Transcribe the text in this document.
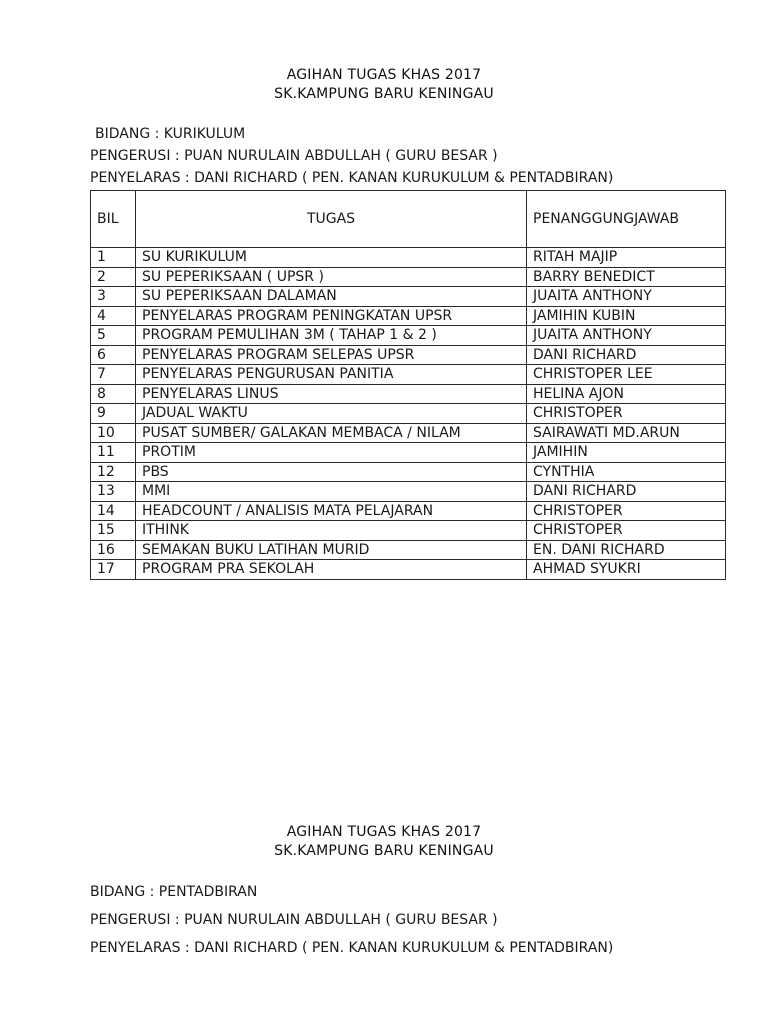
AGIHAN TUGAS KHAS 2017
SK.KAMPUNG BARU KENINGAU
BIDANG : KURIKULUM
PENGERUSI : PUAN NURULAIN ABDULLAH ( GURU BESAR )
PENYELARAS : DANI RICHARD ( PEN. KANAN KURUKULUM & PENTADBIRAN)
BIL	TUGAS	PENANGGUNGJAWAB
1	SU KURIKULUM	RITAH MAJIP
2	SU PEPERIKSAAN ( UPSR )	BARRY BENEDICT
3	SU PEPERIKSAAN DALAMAN	JUAITA ANTHONY
4	PENYELARAS PROGRAM PENINGKATAN UPSR	JAMIHIN KUBIN
5	PROGRAM PEMULIHAN 3M ( TAHAP 1 & 2 )	JUAITA ANTHONY
6	PENYELARAS PROGRAM SELEPAS UPSR	DANI RICHARD
7	PENYELARAS PENGURUSAN PANITIA	CHRISTOPER LEE
8	PENYELARAS LINUS	HELINA AJON
9	JADUAL WAKTU	CHRISTOPER
10	PUSAT SUMBER/ GALAKAN MEMBACA / NILAM	SAIRAWATI MD.ARUN
11	PROTIM	JAMIHIN
12	PBS	CYNTHIA
13	MMI	DANI RICHARD
14	HEADCOUNT / ANALISIS MATA PELAJARAN	CHRISTOPER
15	ITHINK	CHRISTOPER
16	SEMAKAN BUKU LATIHAN MURID	EN. DANI RICHARD
17	PROGRAM PRA SEKOLAH	AHMAD SYUKRI
AGIHAN TUGAS KHAS 2017
SK.KAMPUNG BARU KENINGAU
BIDANG : PENTADBIRAN
PENGERUSI : PUAN NURULAIN ABDULLAH ( GURU BESAR )
PENYELARAS : DANI RICHARD ( PEN. KANAN KURUKULUM & PENTADBIRAN)
